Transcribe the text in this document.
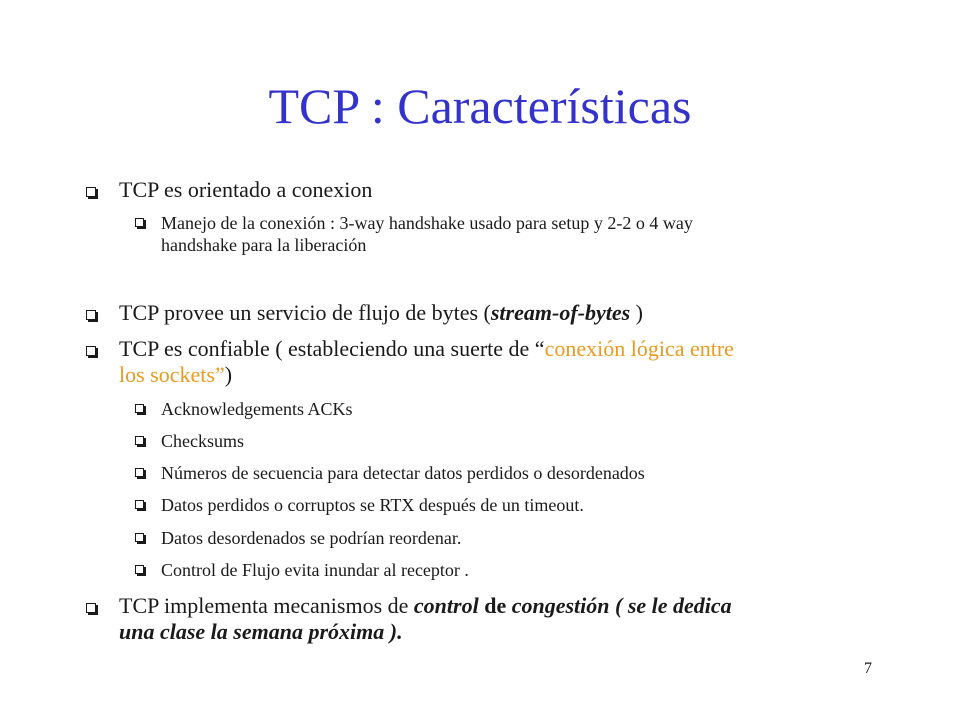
TCP : Características
TCP es orientado a conexion
Manejo de la conexión : 3-way handshake usado para setup y 2-2 o 4 way
handshake para la liberación
TCP provee un servicio de flujo de bytes (stream-of-bytes )
TCP es confiable ( estableciendo una suerte de “conexión lógica entre
los sockets”)
Acknowledgements ACKs
Checksums
Números de secuencia para detectar datos perdidos o desordenados
Datos perdidos o corruptos se RTX después de un timeout.
Datos desordenados se podrían reordenar.
Control de Flujo evita inundar al receptor .
TCP implementa mecanismos de control de congestión ( se le dedica
una clase la semana próxima ).
7
